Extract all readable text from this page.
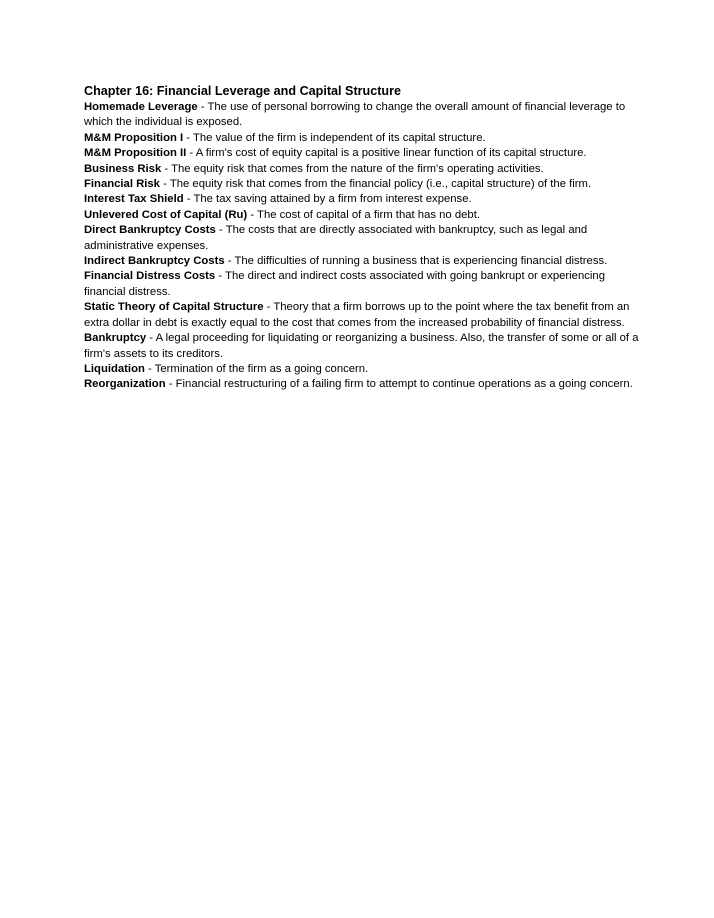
Chapter 16: Financial Leverage and Capital Structure

Homemade Leverage - The use of personal borrowing to change the overall amount of financial leverage to which the individual is exposed.

M&M Proposition I - The value of the firm is independent of its capital structure.

M&M Proposition II - A firm's cost of equity capital is a positive linear function of its capital structure.

Business Risk - The equity risk that comes from the nature of the firm's operating activities.

Financial Risk - The equity risk that comes from the financial policy (i.e., capital structure) of the firm.

Interest Tax Shield - The tax saving attained by a firm from interest expense.

Unlevered Cost of Capital (Ru) - The cost of capital of a firm that has no debt.

Direct Bankruptcy Costs - The costs that are directly associated with bankruptcy, such as legal and administrative expenses.

Indirect Bankruptcy Costs - The difficulties of running a business that is experiencing financial distress.

Financial Distress Costs - The direct and indirect costs associated with going bankrupt or experiencing financial distress.

Static Theory of Capital Structure - Theory that a firm borrows up to the point where the tax benefit from an extra dollar in debt is exactly equal to the cost that comes from the increased probability of financial distress.

Bankruptcy - A legal proceeding for liquidating or reorganizing a business. Also, the transfer of some or all of a firm's assets to its creditors.

Liquidation - Termination of the firm as a going concern.

Reorganization - Financial restructuring of a failing firm to attempt to continue operations as a going concern.
